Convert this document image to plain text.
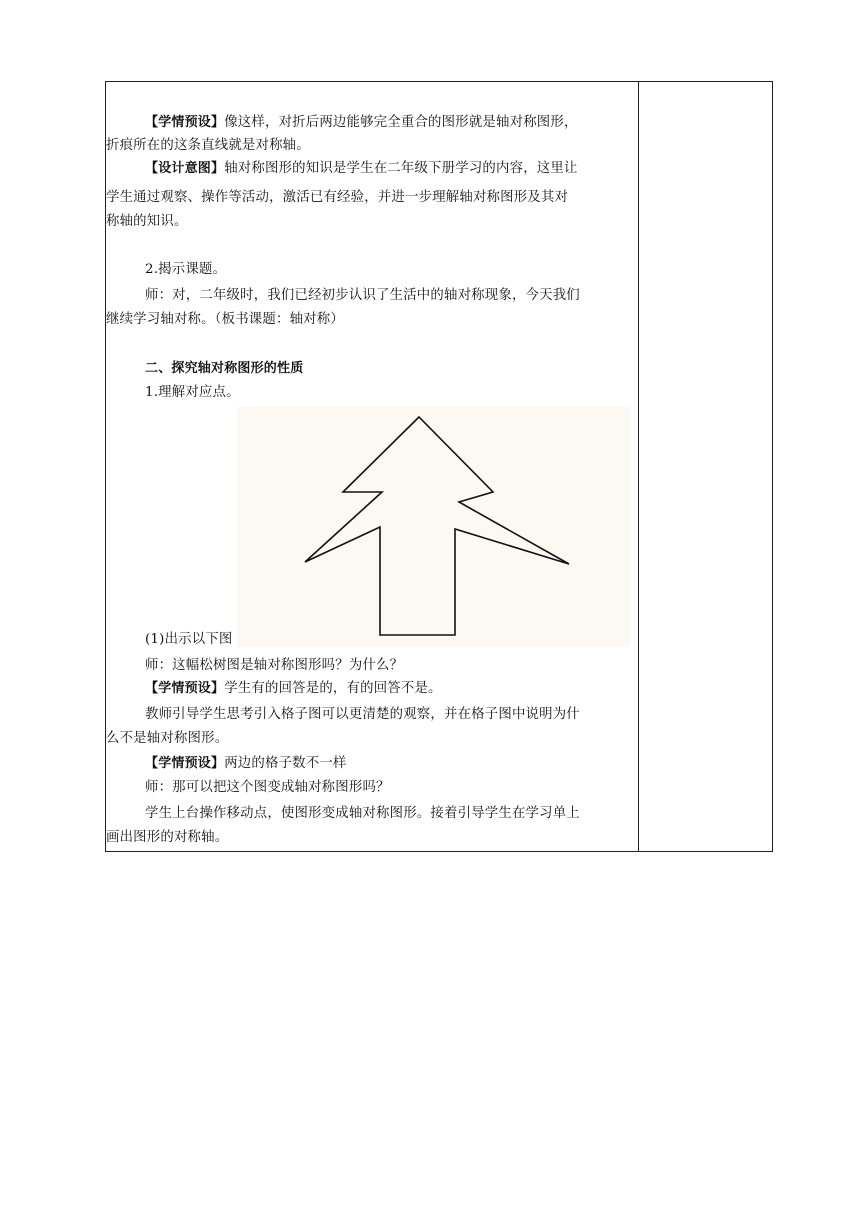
【学情预设】像这样，对折后两边能够完全重合的图形就是轴对称图形，
折痕所在的这条直线就是对称轴。
【设计意图】轴对称图形的知识是学生在二年级下册学习的内容，这里让
学生通过观察、操作等活动，激活已有经验，并进一步理解轴对称图形及其对
称轴的知识。
2.揭示课题。
师：对，二年级时，我们已经初步认识了生活中的轴对称现象，今天我们
继续学习轴对称。（板书课题：轴对称）
二、探究轴对称图形的性质
1.理解对应点。
(1)出示以下图
师：这幅松树图是轴对称图形吗？为什么？
【学情预设】学生有的回答是的，有的回答不是。
教师引导学生思考引入格子图可以更清楚的观察，并在格子图中说明为什
么不是轴对称图形。
【学情预设】两边的格子数不一样
师：那可以把这个图变成轴对称图形吗？
学生上台操作移动点，使图形变成轴对称图形。接着引导学生在学习单上
画出图形的对称轴。
